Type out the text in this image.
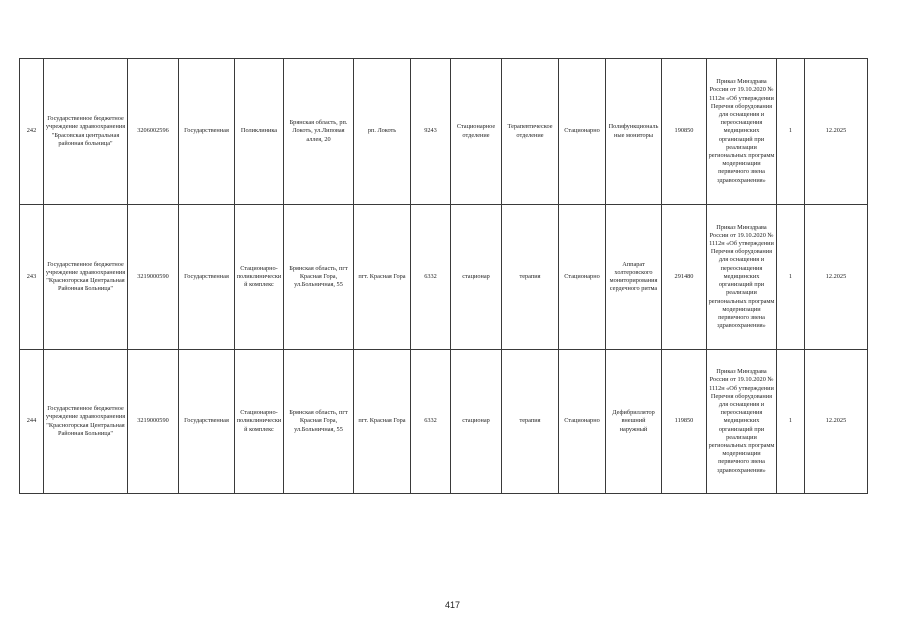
242	Государственное бюджетное учреждение здравоохранения "Брасовская центральная районная больница"	3206002596	Государственная	Поликлиника	Брянская область, рп. Локоть, ул.Липовая аллея, 20	рп. Локоть	9243	Стационарное отделение	Терапевтическое отделение	Стационарно	Полифункциональные мониторы	190850	Приказ Минздрава России от 19.10.2020 № 1112н «Об утверждении Перечня оборудования для оснащения и переоснащения медицинских организаций при реализации региональных программ модернизации первичного звена здравоохранения»	1	12.2025

243	Государственное бюджетное учреждение здравоохранения "Красногорская Центральная Районная Больница"	3219000590	Государственная	Стационарно-поликлинический комплекс	Брянская область, пгт Красная Гора, ул.Больничная, 55	пгт. Красная Гора	6332	стационар	терапия	Стационарно	Аппарат холтеровского мониторирования сердечного ритма	291480	Приказ Минздрава России от 19.10.2020 № 1112н «Об утверждении Перечня оборудования для оснащения и переоснащения медицинских организаций при реализации региональных программ модернизации первичного звена здравоохранения»	1	12.2025

244	Государственное бюджетное учреждение здравоохранения "Красногорская Центральная Районная Больница"	3219000590	Государственная	Стационарно-поликлинический комплекс	Брянская область, пгт Красная Гора, ул.Больничная, 55	пгт. Красная Гора	6332	стационар	терапия	Стационарно	Дефибриллятор внешний наружный	119850	Приказ Минздрава России от 19.10.2020 № 1112н «Об утверждении Перечня оборудования для оснащения и переоснащения медицинских организаций при реализации региональных программ модернизации первичного звена здравоохранения»	1	12.2025
417
